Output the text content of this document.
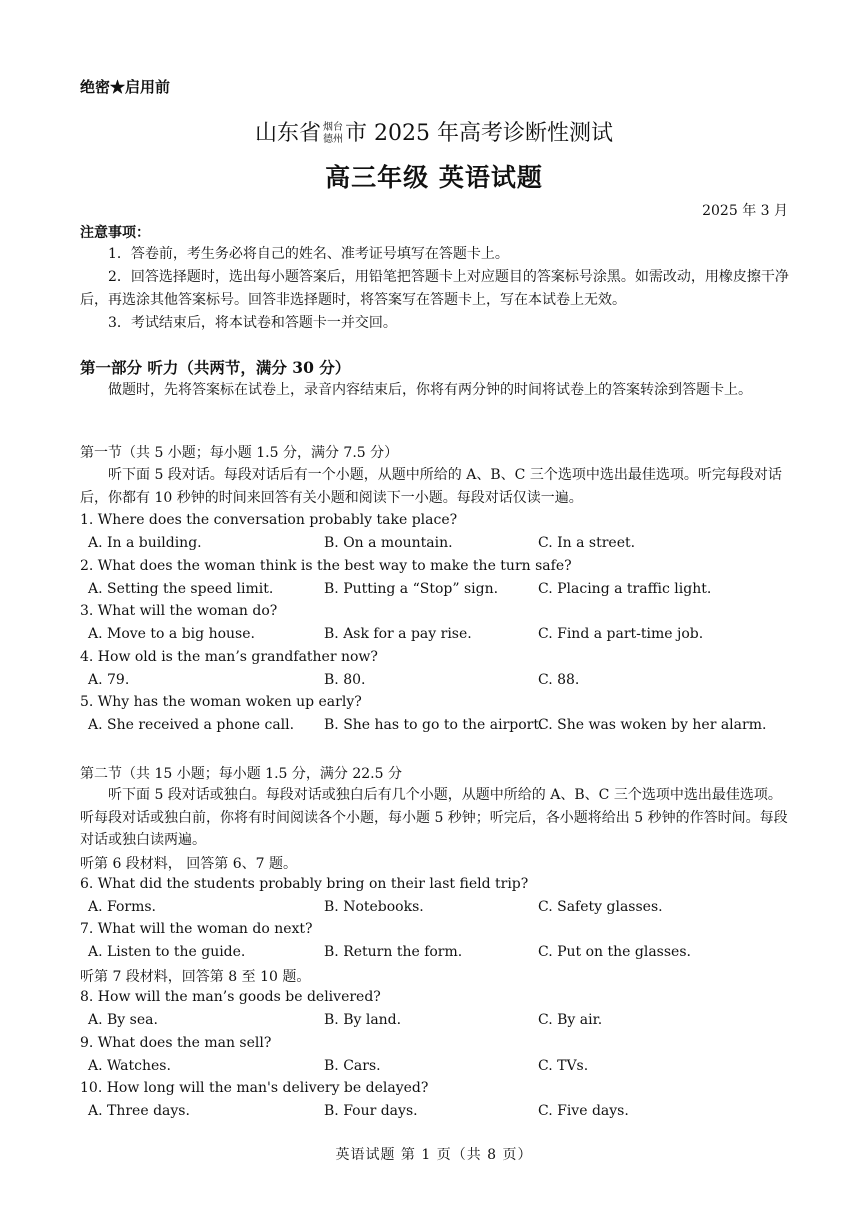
绝密★启用前
山东省 烟台
德州市 2025 年高考诊断性测试
高三年级 英语试题
2025 年 3 月
注意事项：
1．答卷前，考生务必将自己的姓名、准考证号填写在答题卡上。
2．回答选择题时，选出每小题答案后，用铅笔把答题卡上对应题目的答案标号涂黑。如需改动，用橡皮擦干净后，再选涂其他答案标号。回答非选择题时，将答案写在答题卡上，写在本试卷上无效。
3．考试结束后，将本试卷和答题卡一并交回。
第一部分 听力（共两节，满分 30 分）
做题时，先将答案标在试卷上，录音内容结束后，你将有两分钟的时间将试卷上的答案转涂到答题卡上。
第一节（共 5 小题；每小题 1.5 分，满分 7.5 分）
听下面 5 段对话。每段对话后有一个小题，从题中所给的 A、B、C 三个选项中选出最佳选项。听完每段对话后，你都有 10 秒钟的时间来回答有关小题和阅读下一小题。每段对话仅读一遍。
1. Where does the conversation probably take place?
A. In a building.	B. On a mountain.	C. In a street.
2. What does the woman think is the best way to make the turn safe?
A. Setting the speed limit.	B. Putting a “Stop” sign.	C. Placing a traffic light.
3. What will the woman do?
A. Move to a big house.	B. Ask for a pay rise.	C. Find a part-time job.
4. How old is the man’s grandfather now?
A. 79.	B. 80.	C. 88.
5. Why has the woman woken up early?
A. She received a phone call. B. She has to go to the airport.
C. She was woken by her alarm.
第二节（共 15 小题；每小题 1.5 分，满分 22.5 分
听下面 5 段对话或独白。每段对话或独白后有几个小题，从题中所给的 A、B、C 三个选项中选出最佳选项。听每段对话或独白前，你将有时间阅读各个小题，每小题 5 秒钟；听完后，各小题将给出 5 秒钟的作答时间。每段对话或独白读两遍。
听第 6 段材料， 回答第 6、7 题。
6. What did the students probably bring on their last field trip?
A. Forms.	B. Notebooks.	C. Safety glasses.
7. What will the woman do next?
A. Listen to the guide.	B. Return the form.	C. Put on the glasses.
听第 7 段材料，回答第 8 至 10 题。
8. How will the man’s goods be delivered?
A. By sea.	B. By land.	C. By air.
9. What does the man sell?
A. Watches.	B. Cars.	C. TVs.
10. How long will the man's delivery be delayed?
A. Three days.	B. Four days.	C. Five days.
英语试题 第 1 页（共 8 页）
